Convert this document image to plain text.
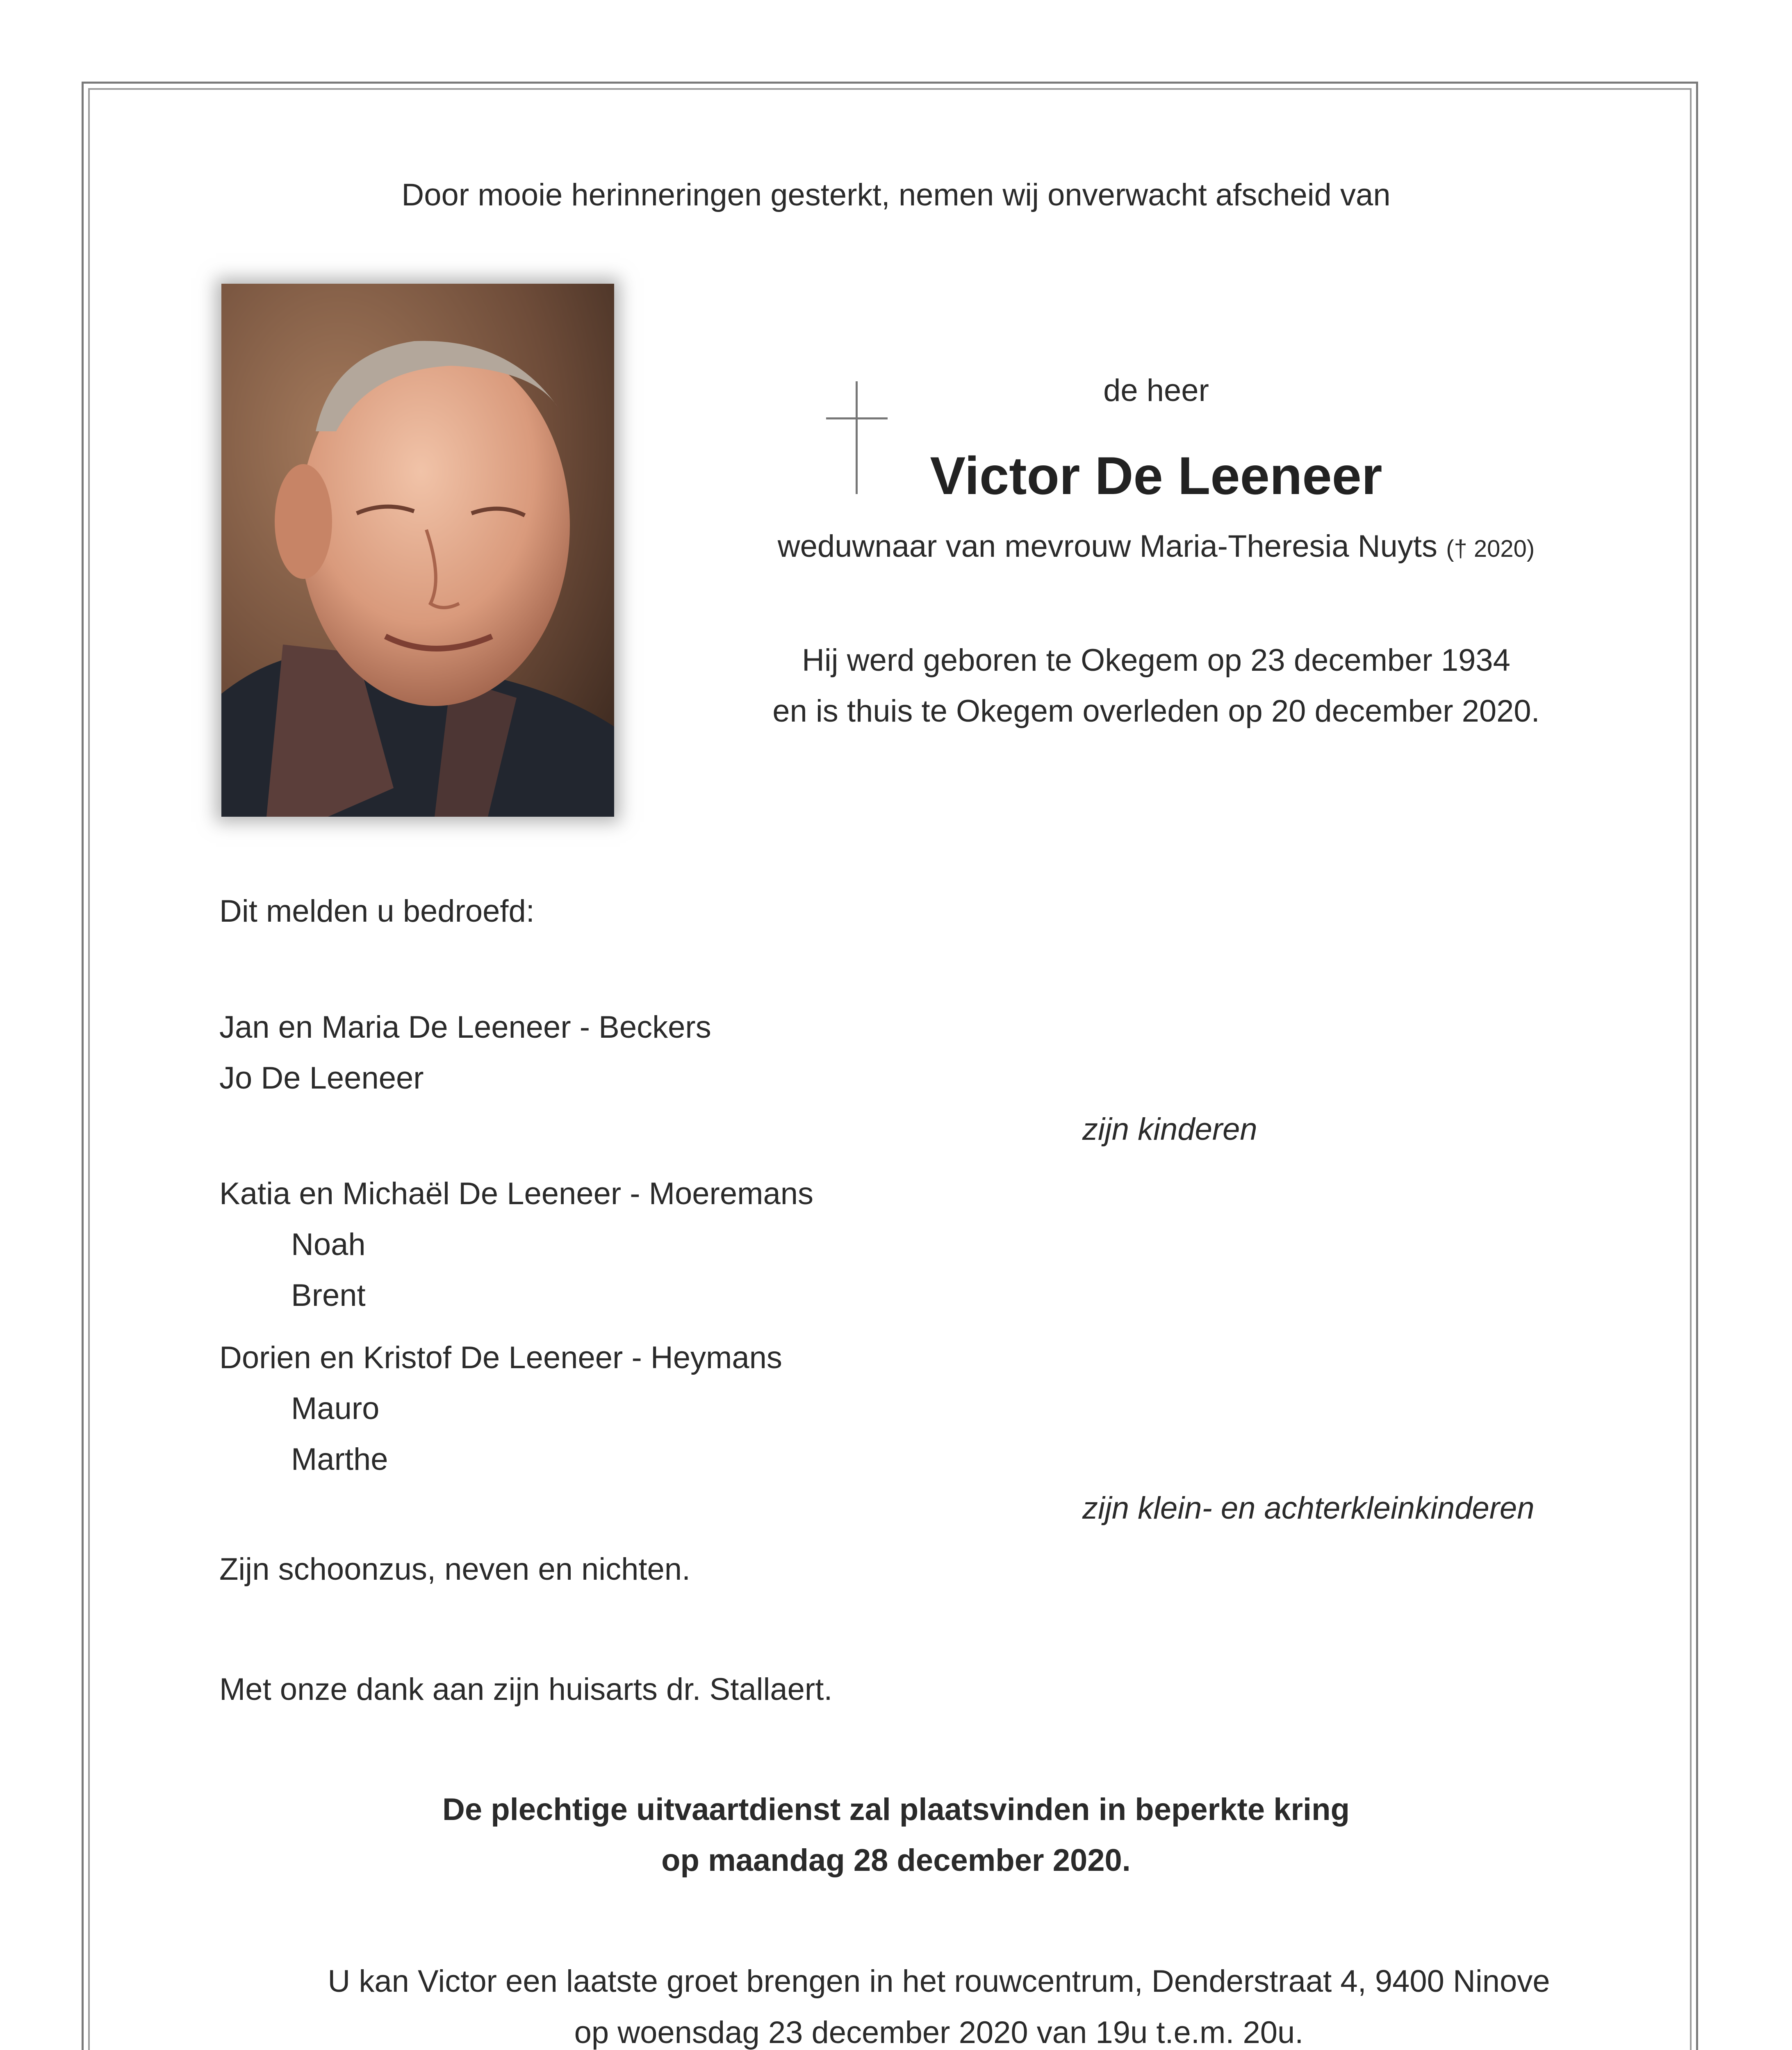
Door mooie herinneringen gesterkt, nemen wij onverwacht afscheid van
de heer
Victor De Leeneer
weduwnaar van mevrouw Maria-Theresia Nuyts († 2020)
Hij werd geboren te Okegem op 23 december 1934
en is thuis te Okegem overleden op 20 december 2020.
Dit melden u bedroefd:
Jan en Maria De Leeneer - Beckers
Jo De Leeneer
zijn kinderen
Katia en Michaël De Leeneer - Moeremans
Noah
Brent
Dorien en Kristof De Leeneer - Heymans
Mauro
Marthe
zijn klein- en achterkleinkinderen
Zijn schoonzus, neven en nichten.
Met onze dank aan zijn huisarts dr. Stallaert.
De plechtige uitvaartdienst zal plaatsvinden in beperkte kring
op maandag 28 december 2020.
U kan Victor een laatste groet brengen in het rouwcentrum, Denderstraat 4, 9400 Ninove
op woensdag 23 december 2020 van 19u t.e.m. 20u.
